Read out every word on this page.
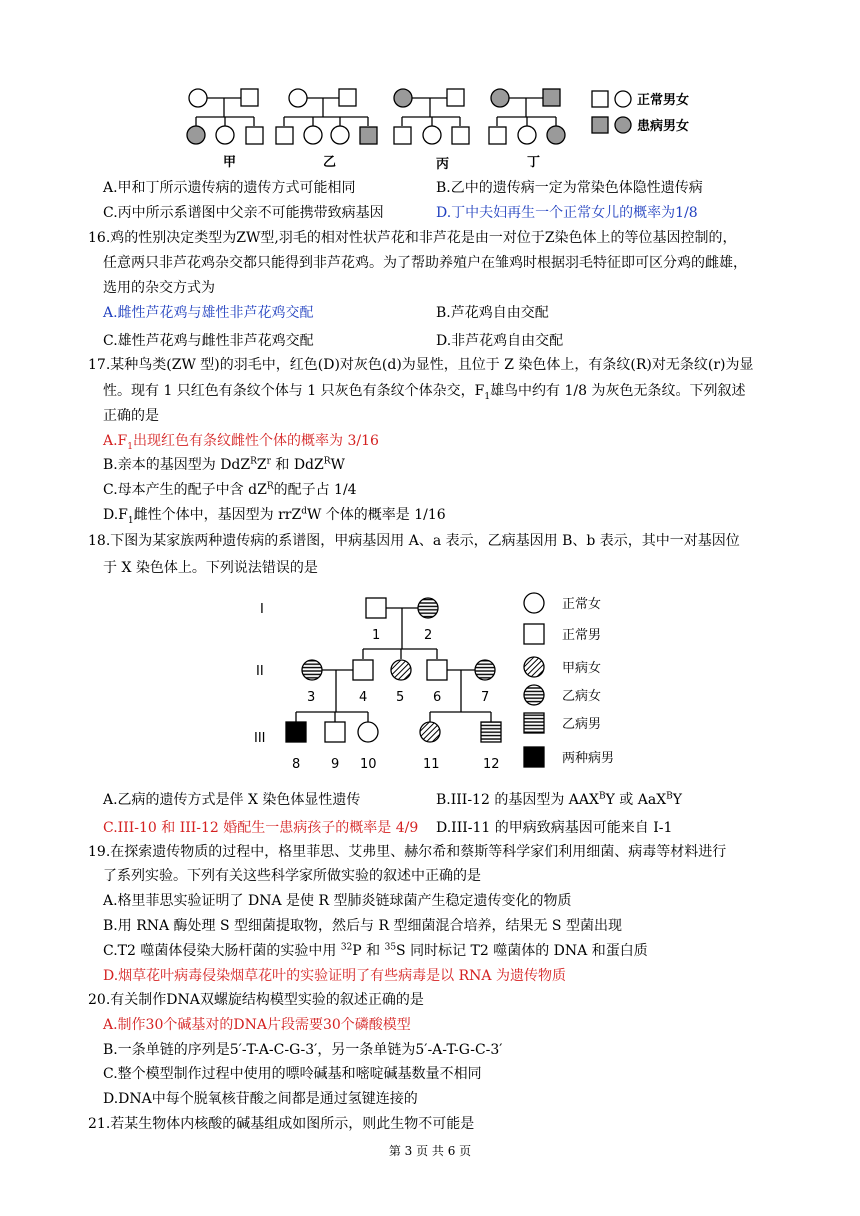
甲	乙	丙	丁
正常男女
患病男女
A.甲和丁所示遗传病的遗传方式可能相同	B.乙中的遗传病一定为常染色体隐性遗传病
C.丙中所示系谱图中父亲不可能携带致病基因	D.丁中夫妇再生一个正常女儿的概率为1/8
16.鸡的性别决定类型为ZW型,羽毛的相对性状芦花和非芦花是由一对位于Z染色体上的等位基因控制的，
任意两只非芦花鸡杂交都只能得到非芦花鸡。为了帮助养殖户在雏鸡时根据羽毛特征即可区分鸡的雌雄，
选用的杂交方式为
A.雌性芦花鸡与雄性非芦花鸡交配	B.芦花鸡自由交配
C.雄性芦花鸡与雌性非芦花鸡交配	D.非芦花鸡自由交配
17.某种鸟类(ZW 型)的羽毛中，红色(D)对灰色(d)为显性，且位于 Z 染色体上，有条纹(R)对无条纹(r)为显
性。现有 1 只红色有条纹个体与 1 只灰色有条纹个体杂交，$F_1$雄鸟中约有 1/8 为灰色无条纹。下列叙述
正确的是
$A.F_1$出现红色有条纹雌性个体的概率为 3/16
B.亲本的基因型为 $DdZ^RZ^r$ 和 DdZ$^R$W
C.母本产生的配子中含 $dZ^R$的配子占 1/4
$D.F_1$雌性个体中，基因型为 rrZ$^d$W 个体的概率是 1/16
18.下图为某家族两种遗传病的系谱图，甲病基因用 A、a 表示，乙病基因用 B、b 表示，其中一对基因位
于 X 染色体上。下列说法错误的是
I
II
III
1	2
3	4 5 6	7
8 9 10	11	12
正常女
正常男
甲病女
乙病女
乙病男
两种病男
A.乙病的遗传方式是伴 X 染色体显性遗传	B.III-12 的基因型为 $AAX^BY$ 或 AaX$^B$Y
C.III-10 和 III-12 婚配生一患病孩子的概率是 4/9 D.III-11 的甲病致病基因可能来自 I-1
19.在探索遗传物质的过程中，格里菲思、艾弗里、赫尔希和蔡斯等科学家们利用细菌、病毒等材料进行
了系列实验。下列有关这些科学家所做实验的叙述中正确的是
A.格里菲思实验证明了 DNA 是使 R 型肺炎链球菌产生稳定遗传变化的物质
B.用 RNA 酶处理 S 型细菌提取物，然后与 R 型细菌混合培养，结果无 S 型菌出现
C.T2 噬菌体侵染大肠杆菌的实验中用 $^{32}$P 和 $^{35}$S 同时标记 T2 噬菌体的 DNA 和蛋白质
D.烟草花叶病毒侵染烟草花叶的实验证明了有些病毒是以 RNA 为遗传物质
20.有关制作DNA双螺旋结构模型实验的叙述正确的是
A.制作30个碱基对的DNA片段需要30个磷酸模型
B.一条单链的序列是5′-T-A-C-G-3′，另一条单链为5′-A-T-G-C-3′
C.整个模型制作过程中使用的嘌呤碱基和嘧啶碱基数量不相同
D.DNA中每个脱氧核苷酸之间都是通过氢键连接的
21.若某生物体内核酸的碱基组成如图所示，则此生物不可能是
第 3 页 共 6 页
